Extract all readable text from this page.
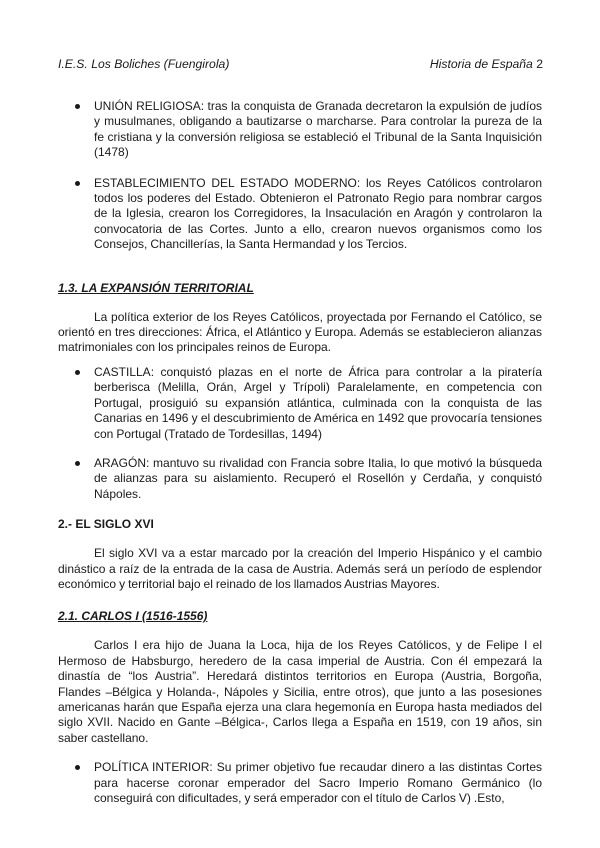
I.E.S. Los Boliches (Fuengirola)	Historia de España 2
UNIÓN RELIGIOSA: tras la conquista de Granada decretaron la expulsión de judíos y musulmanes, obligando a bautizarse o marcharse. Para controlar la pureza de la fe cristiana y la conversión religiosa se estableció el Tribunal de la Santa Inquisición (1478)
ESTABLECIMIENTO DEL ESTADO MODERNO: los Reyes Católicos controlaron todos los poderes del Estado. Obtenieron el Patronato Regio para nombrar cargos de la Iglesia, crearon los Corregidores, la Insaculación en Aragón y controlaron la convocatoria de las Cortes. Junto a ello, crearon nuevos organismos como los Consejos, Chancillerías, la Santa Hermandad y los Tercios.

1.3. LA EXPANSIÓN TERRITORIAL

La política exterior de los Reyes Católicos, proyectada por Fernando el Católico, se orientó en tres direcciones: África, el Atlántico y Europa. Además se establecieron alianzas matrimoniales con los principales reinos de Europa.

CASTILLA: conquistó plazas en el norte de África para controlar a la piratería berberisca (Melilla, Orán, Argel y Trípoli) Paralelamente, en competencia con Portugal, prosiguió su expansión atlántica, culminada con la conquista de las Canarias en 1496 y el descubrimiento de América en 1492 que provocaría tensiones con Portugal (Tratado de Tordesillas, 1494)
ARAGÓN: mantuvo su rivalidad con Francia sobre Italia, lo que motivó la búsqueda de alianzas para su aislamiento. Recuperó el Rosellón y Cerdaña, y conquistó Nápoles.

2.- EL SIGLO XVI

El siglo XVI va a estar marcado por la creación del Imperio Hispánico y el cambio dinástico a raíz de la entrada de la casa de Austria. Además será un período de esplendor económico y territorial bajo el reinado de los llamados Austrias Mayores.

2.1. CARLOS I (1516-1556)

Carlos I era hijo de Juana la Loca, hija de los Reyes Católicos, y de Felipe I el Hermoso de Habsburgo, heredero de la casa imperial de Austria. Con él empezará la dinastía de “los Austria”. Heredará distintos territorios en Europa (Austria, Borgoña, Flandes –Bélgica y Holanda-, Nápoles y Sicilia, entre otros), que junto a las posesiones americanas harán que España ejerza una clara hegemonía en Europa hasta mediados del siglo XVII. Nacido en Gante –Bélgica-, Carlos llega a España en 1519, con 19 años, sin saber castellano.

POLÍTICA INTERIOR: Su primer objetivo fue recaudar dinero a las distintas Cortes para hacerse coronar emperador del Sacro Imperio Romano Germánico (lo conseguirá con dificultades, y será emperador con el título de Carlos V) .Esto,
